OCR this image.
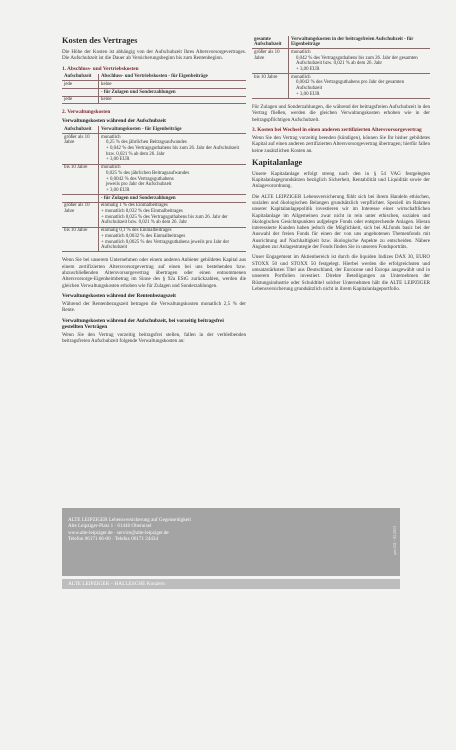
Kosten des Vertrages

Die Höhe der Kosten ist abhängig von der Aufschubzeit Ihres Altersvorsorgevertrages. Die Aufschubzeit ist die Dauer ab Versicherungsbeginn bis zum Rentenbeginn.

1. Abschluss- und Vertriebskosten
Aufschubzeit	Abschluss- und Vertriebskosten - für Eigenbeiträge
jede	keine
	- für Zulagen und Sonderzahlungen
jede	keine
2. Verwaltungskosten
Verwaltungskosten während der Aufschubzeit
Aufschubzeit	Verwaltungskosten - für Eigenbeiträge
größer als 10 Jahre	monatlich
0,25 % des jährlichen Beitragsaufwandes
+ 0,042 % des Vertragsguthabens bis zum 26. Jahr der Aufschubzeit bzw. 0,021 % ab dem 26. Jahr
+ 3,00 EUR

bis 10 Jahre	monatlich
0,025 % des jährlichen Beitragsaufwandes
+ 0,0042 % des Vertragsguthabens
jeweils pro Jahr der Aufschubzeit
+ 3,00 EUR

	- für Zulagen und Sonderzahlungen
größer als 10 Jahre	einmalig 1 % des Einmalbeitrages
+ monatlich 0,032 % des Einmalbeitrages
+ monatlich 0,025 % des Vertragsguthabens bis zum 26. Jahr der Aufschubzeit bzw. 0,021 % ab dem 26. Jahr

bis 10 Jahre	einmalig 0,1 % des Einmalbeitrages
+ monatlich 0,0032 % des Einmalbeitrages
+ monatlich 0,0025 % des Vertragsguthabens jeweils pro Jahr der Aufschubzeit

Wenn Sie bei unserem Unternehmen oder einem anderen Anbieter gebildetes Kapital aus einem zertifizierten Altersvorsorgevertrag auf einen bei uns bestehenden bzw. abzuschließenden Altersvorsorgevertrag übertragen oder einen entnommenen Altersvorsorge-Eigenheimbetrag im Sinne des § 92a EStG zurückzahlen, werden die gleichen Verwaltungskosten erhoben wie für Zulagen und Sonderzahlungen.

Verwaltungskosten während der Rentenbezugszeit

Während der Rentenbezugszeit betragen die Verwaltungskosten monatlich 2,5 % der Rente.

Verwaltungskosten während der Aufschubzeit, bei vorzeitig beitragsfrei gestellten Verträgen

Wenn Sie den Vertrag vorzeitig beitragsfrei stellen, fallen in der verbleibenden beitragsfreien Aufschubzeit folgende Verwaltungskosten an:

gesamte Aufschubzeit	Verwaltungskosten in der beitragsfreien Aufschubzeit - für Eigenbeiträge
größer als 10 Jahre	monatlich
0,042 % des Vertragsguthabens bis zum 26. Jahr der gesamten Aufschubzeit bzw. 0,021 % ab dem 26. Jahr
+ 3,00 EUR

bis 10 Jahre	monatlich
0,0042 % des Vertragsguthabens pro Jahr der gesamten Aufschubzeit
+ 3,00 EUR

Für Zulagen und Sonderzahlungen, die während der beitragsfreien Aufschubzeit in den Vertrag fließen, werden die gleichen Verwaltungskosten erhoben wie in der beitragspflichtigen Aufschubzeit.

3. Kosten bei Wechsel in einen anderen zertifizierten Altersvorsorgevertrag

Wenn Sie den Vertrag vorzeitig beenden (kündigen), können Sie Ihr bisher gebildetes Kapital auf einen anderen zertifizierten Altersvorsorgevertrag übertragen; hierfür fallen keine zusätzlichen Kosten an.

Kapitalanlage

Unsere Kapitalanlage erfolgt streng nach den in § 54 VAG festgelegten Kapitalanlagegrundsätzen bezüglich Sicherheit, Rentabilität und Liquidität sowie der Anlagevorordnung.

Die ALTE LEIPZIGER Lebensversicherung fühlt sich bei ihrem Handeln ethischen, sozialen und ökologischen Belangen grundsätzlich verpflichtet. Speziell im Rahmen unserer Kapitalanlagepolitik investieren wir im Interesse einer wirtschaftlichen Kapitalanlage im Allgemeinen zwar nicht in rein unter ethischen, sozialen und ökologischen Gesichtspunkten aufgelegte Fonds oder entsprechende Anlagen. Hieran interessierte Kunden haben jedoch die Möglichkeit, sich bei ALfonds basic bei der Auswahl der freien Fonds für einen der von uns angebotenen Themenfonds mit Ausrichtung auf Nachhaltigkeit bzw. ökologische Aspekte zu entscheiden. Nähere Angaben zur Anlagestrategie der Fonds finden Sie in unseren Fondsporträts.

Unser Engagement im Aktienbereich ist durch die liquiden Indizes DAX 30, EURO STOXX 50 und STOXX 50 festgelegt. Hierbei werden die erfolgreichsten und umsatzstärksten Titel aus Deutschland, der Eurozone und Europa ausgewählt und in unserem Portfolien investiert. Direkte Beteiligungen an Unternehmen der Rüstungsindustrie oder Schuldtitel solcher Unternehmen hält die ALTE LEIPZIGER Lebensversicherung grundsätzlich nicht in ihrem Kapitalanlageportfolio.

ALTE LEIPZIGER Lebensversicherung auf Gegenseitigkeit

Alte Leipziger-Platz 1 · 61440 Oberursel

www.alte-leipziger.de · service@alte-leipziger.de

Telefon 06171 66-00 · Telefax 06171 24434	pm 241 - 01.2013
ALTE LEIPZIGER – HALLESCHE Konzern
